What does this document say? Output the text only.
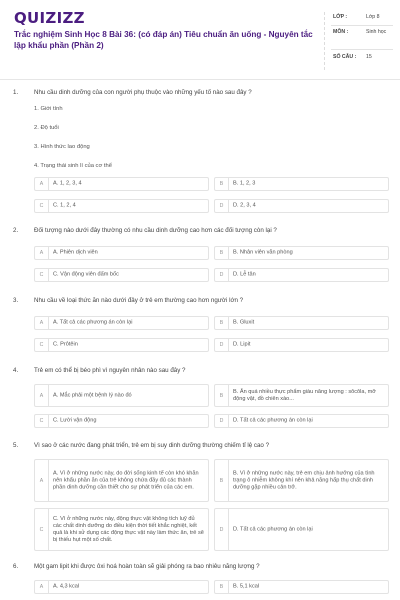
QUIZIZZ
Trắc nghiệm Sinh Học 8 Bài 36: (có đáp án) Tiêu chuẩn ăn uống - Nguyên tắc lập khẩu phần (Phần 2)
LỚP :	Lớp 8
MÔN :	Sinh học
SỐ CÂU : 15
1.	Nhu cầu dinh dưỡng của con người phụ thuộc vào những yếu tố nào sau đây ?
1. Giới tính
2. Độ tuổi
3. Hình thức lao động
4. Trạng thái sinh lí của cơ thể
A	A. 1, 2, 3, 4	B	B. 1, 2, 3
C	C. 1, 2, 4	D	D. 2, 3, 4
2.	Đối tượng nào dưới đây thường có nhu cầu dinh dưỡng cao hơn các đối tượng còn lại ?
A	A. Phiên dịch viên	B	B. Nhân viên văn phòng
C	C. Vận động viên đấm bốc	D	D. Lễ tân
3.	Nhu cầu về loại thức ăn nào dưới đây ở trẻ em thường cao hơn người lớn ?
A	A. Tất cả các phương án còn lại	B	B. Gluxit
C	C. Prôtêin	D	D. Lipit
4.	Trẻ em có thể bị béo phì vì nguyên nhân nào sau đây ?
A	A. Mắc phải một bệnh lý nào đó	B
B. Ăn quá nhiều thực phẩm giàu năng lượng : sôcôla, mỡ động vật, đồ chiên xào...
C	C. Lười vận động	D	D. Tất cả các phương án còn lại
5.	Vì sao ở các nước đang phát triển, trẻ em bị suy dinh dưỡng thường chiếm tỉ lệ cao ?
A
A. Vì ở những nước này, do đời sống kinh tế còn khó khăn nên khẩu phần ăn của trẻ không chứa đầy đủ các thành phần dinh dưỡng cần thiết cho sự phát triển của các em.
B
B. Vì ở những nước này, trẻ em chịu ảnh hưởng của tình trạng ô nhiễm không khí nên khả năng hấp thụ chất dinh dưỡng gặp nhiều cản trở.
C
C. Vì ở những nước này, động thực vật không tích luỹ đủ các chất dinh dưỡng do điều kiện thời tiết khắc nghiệt, kết quả là khi sử dụng các động thực vật này làm thức ăn, trẻ sẽ bị thiếu hụt một số chất.
D	D. Tất cả các phương án còn lại
6.	Một gam lipit khi được ôxi hoá hoàn toàn sẽ giải phóng ra bao nhiêu năng lượng ?
A	A. 4,3 kcal	B	B. 5,1 kcal
